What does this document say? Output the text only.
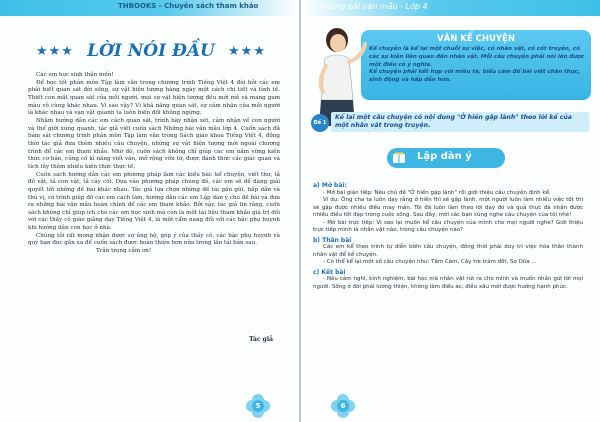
THBOOKS - Chuyên sách tham khảo
★★★ LỜI NÓI ĐẦU ★★★

Các em học sinh thân mến!

Để học tốt phân môn Tập làm văn trong chương trình Tiếng Việt 4 đòi hỏi các em phải biết quan sát đời sống, sự vật hiện tượng hàng ngày một cách chi tiết và tỉnh tế. Thiết con mắt quan sát của mỗi người, mọi sự vật hiện tượng đều mới mẻ và mang gam màu vô cùng khác nhau. Vì sao vậy? Vì khả năng quan sát, sự cảm nhận của mỗi người là khác nhau và vạn vật quanh ta luôn biến đổi không ngừng.

Nhằm hướng dẫn các em cách quan sát, trình bày nhận xét, cảm nhận về con người và thế giới xung quanh, tác giả viết cuốn sách Những bài văn mẫu lớp 4. Cuốn sách đã bám sát chương trình phân môn Tập làm văn trong Sách giáo khoa Tiếng Việt 4, đồng thời tác giả đưa thêm nhiều câu chuyện, những sự vật hiện tượng mới ngoài chương trình để các em tham khảo. Nhờ đó, cuốn sách không chỉ giúp các em nắm vững kiến thức cơ bản, củng cố kĩ năng viết văn, mở rộng vốn từ, được đánh thức các giác quan và tích lũy thêm nhiều kiến thức thực tế.

Cuốn sách hướng dẫn các em phương pháp làm các kiểu bài: kể chuyện, viết thư, tả đồ vật, tả con vật, tả cây cối. Dựa vào phương pháp chung đó, các em sẽ dễ dàng giải quyết tốt những đề bài khác nhau. Tác giả lựa chọn những đề tài gần gũi, hấp dẫn và thú vị, có trình giúp đỡ các em cách làm, hướng dẫn các em Lập dàn ý cho đề bài và đưa ra những bài văn mẫu hoàn chỉnh để các em tham khảo. Bởi vậy, tác giả tin rằng, cuốn sách không chỉ giúp ích cho các em học sinh mà còn là một tài liệu tham khảo giá trị đối với các thầy cô giáo giảng dạy Tiếng Việt 4, là một cẩm nang đối với các bậc phụ huynh khi hướng dẫn con học ở nhà.

Chúng tôi rất mong nhận được sự ủng hộ, góp ý của thầy cô, các bậc phụ huynh và quý bạn đọc gần xa để cuốn sách được hoàn thiện hơn nữa trong lần tái bản sau.

Trân trọng cảm ơn!

Tác giả
5
Những bài văn mẫu - Lớp 4
VĂN KỂ CHUYỆN

Kể chuyện là kể lại một chuỗi sự việc, có nhân vật, có cốt truyện, có các sự kiện liên quan đến nhân vật. Mỗi câu chuyện phải nói lên được một điều có ý nghĩa.

Kể chuyện phải kết hợp với miêu tả, biểu cảm để bài viết chân thực, sinh động và hấp dẫn hơn.

Đề 1
Kể lại một câu chuyện có nội dung "Ở hiền gặp lành" theo lời kể của một nhân vật trong truyện.
Lập dàn ý

a) Mở bài:

- Mở bài gián tiếp: Nêu chủ đề "Ở hiền gặp lành" rồi giới thiệu câu chuyện định kể.

Ví dụ: Ông cha ta luôn dạy rằng ở hiền thì sẽ gặp lành, một người luôn làm nhiều việc tốt thì sẽ gặp được nhiều điều may mắn. Tôi đã luôn làm theo lời dạy đó và quả thực đã nhận được nhiều điều tốt đẹp trong cuộc sống. Sau đây, mời các bạn cùng nghe câu chuyện của tôi nhé!

- Mở bài trực tiếp: Vì sao lại muốn kể câu chuyện của mình cho mọi người nghe? Giới thiệu trực tiếp mình là nhân vật nào, trong câu chuyện nào?

b) Thân bài

Các em kể theo trình tự diễn biến câu chuyện, đồng thời phải duy trì việc hóa thân thành nhân vật để kể chuyện.

- Có thể kể lại một số câu chuyện như: Tấm Cám, Cây tre trăm đốt, Sọ Dừa ...

c) Kết bài

- Nêu cảm nghĩ, kinh nghiệm, bài học mà nhân vật rút ra cho mình và muốn nhắn gửi tới mọi người. Sống ở đời phải lương thiện, không làm điều ác, điều xấu mới được hưởng hạnh phúc.

6
